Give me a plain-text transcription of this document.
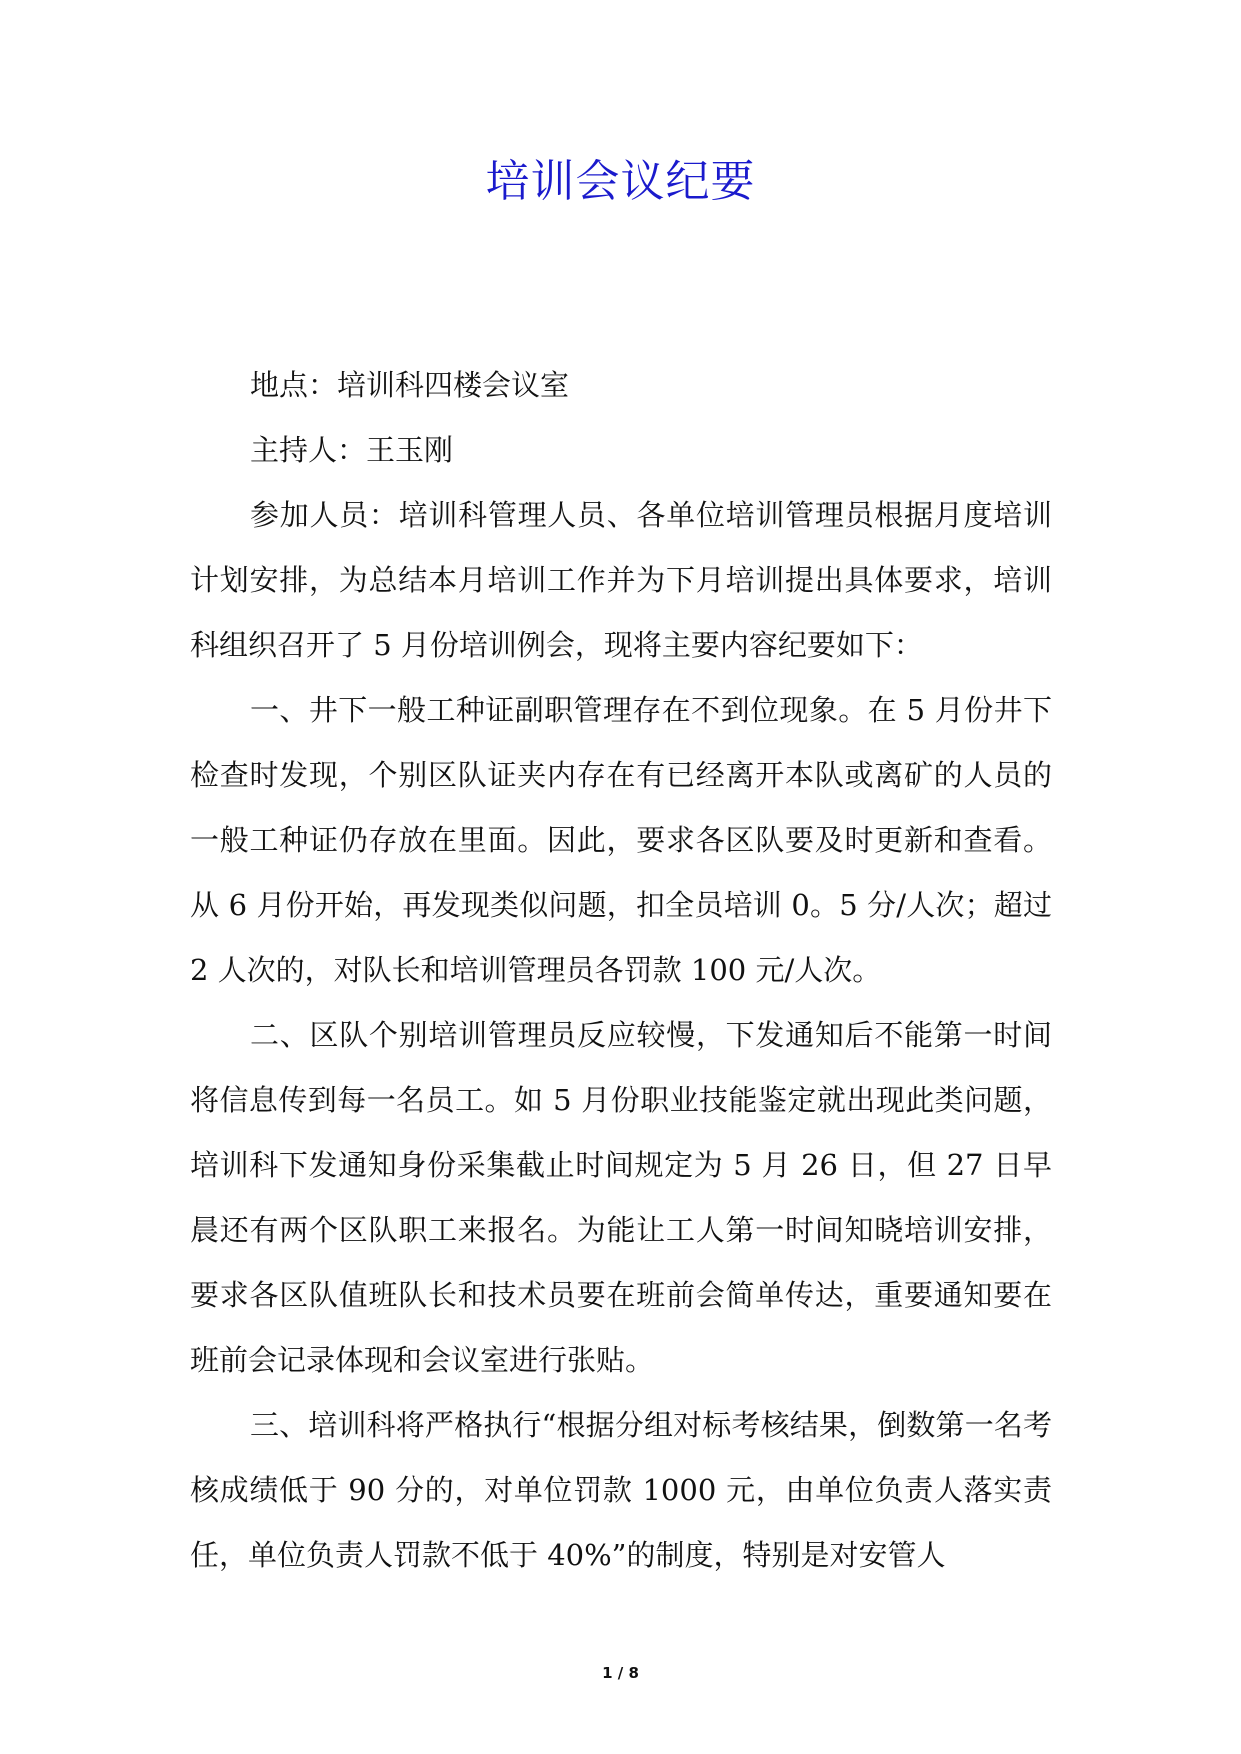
培训会议纪要

地点：培训科四楼会议室

主持人：王玉刚

参加人员：培训科管理人员、各单位培训管理员根据月度培训计划安排，为总结本月培训工作并为下月培训提出具体要求，培训科组织召开了 5 月份培训例会，现将主要内容纪要如下：

一、井下一般工种证副职管理存在不到位现象。在 5 月份井下检查时发现，个别区队证夹内存在有已经离开本队或离矿的人员的一般工种证仍存放在里面。因此，要求各区队要及时更新和查看。从 6 月份开始，再发现类似问题，扣全员培训 0。5 分/人次；超过 2 人次的，对队长和培训管理员各罚款 100 元/人次。

二、区队个别培训管理员反应较慢，下发通知后不能第一时间将信息传到每一名员工。如 5 月份职业技能鉴定就出现此类问题，培训科下发通知身份采集截止时间规定为 5 月 26 日，但 27 日早晨还有两个区队职工来报名。为能让工人第一时间知晓培训安排，要求各区队值班队长和技术员要在班前会简单传达，重要通知要在班前会记录体现和会议室进行张贴。

三、培训科将严格执行“根据分组对标考核结果，倒数第一名考核成绩低于 90 分的，对单位罚款 1000 元，由单位负责人落实责任，单位负责人罚款不低于 40%”的制度，特别是对安管人

1 / 8
